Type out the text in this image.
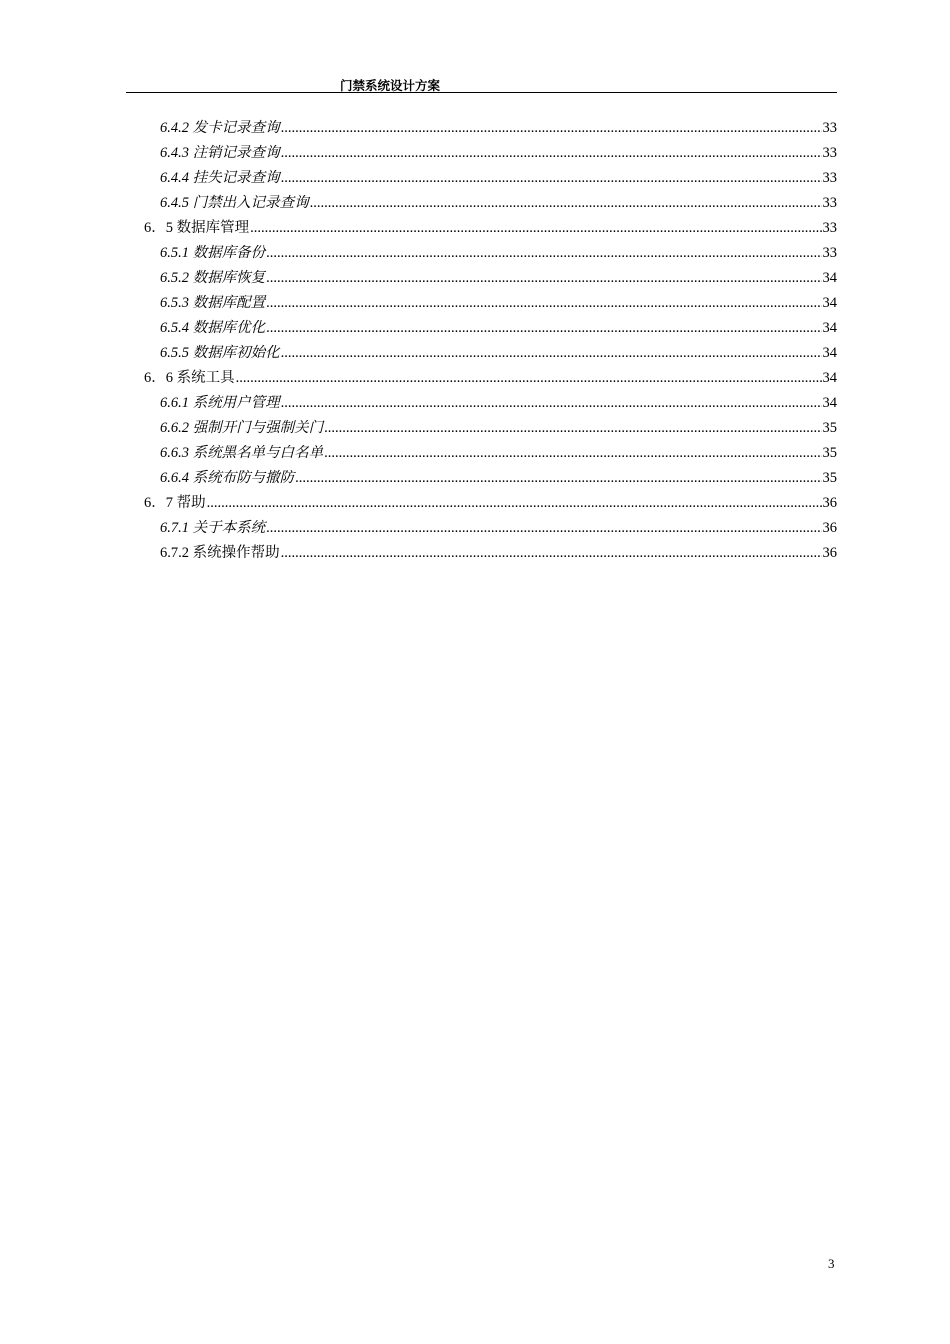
门禁系统设计方案
6.4.2 发卡记录查询 .....	33
6.4.3 注销记录查询 .....	33
6.4.4 挂失记录查询 .....	33
6.4.5 门禁出入记录查询 .....	33
6．5 数据库管理 .....	33
6.5.1 数据库备份 .....	33
6.5.2 数据库恢复 .....	34
6.5.3 数据库配置 .....	34
6.5.4 数据库优化 .....	34
6.5.5 数据库初始化 .....	34
6．6 系统工具 .....	34
6.6.1 系统用户管理 .....	34
6.6.2 强制开门与强制关门 .....	35
6.6.3 系统黑名单与白名单 .....	35
6.6.4 系统布防与撤防 .....	35
6．7 帮助 .....	36
6.7.1 关于本系统 .....	36
6.7.2 系统操作帮助 .....	36
3
